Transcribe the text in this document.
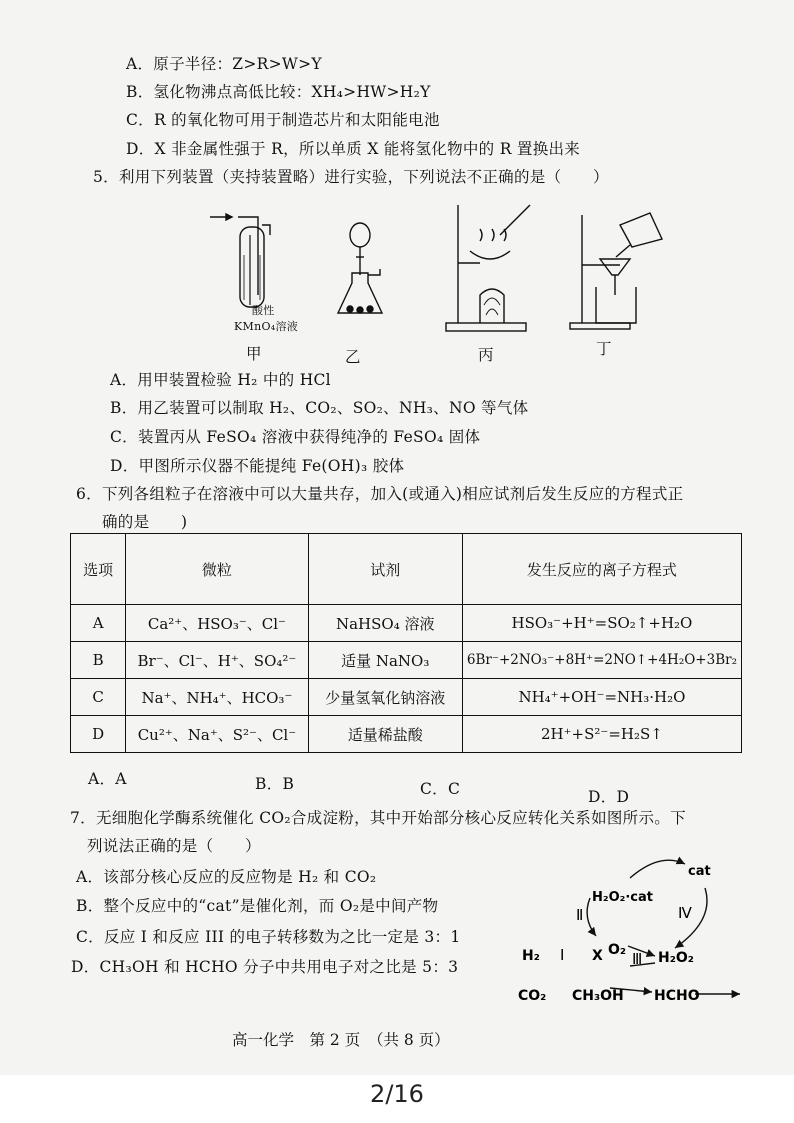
A．原子半径：Z>R>W>Y
B．氢化物沸点高低比较：XH₄>HW>H₂Y
C．R 的氧化物可用于制造芯片和太阳能电池
D．X 非金属性强于 R，所以单质 X 能将氢化物中的 R 置换出来
5．利用下列装置（夹持装置略）进行实验，下列说法不正确的是（　　）
酸性
KMnO₄溶液
甲	乙	丙	丁
A．用甲装置检验 H₂ 中的 HCl
B．用乙装置可以制取 H₂、CO₂、SO₂、NH₃、NO 等气体
C．装置丙从 FeSO₄ 溶液中获得纯净的 FeSO₄ 固体
D．甲图所示仪器不能提纯 Fe(OH)₃ 胶体
6．下列各组粒子在溶液中可以大量共存，加入(或通入)相应试剂后发生反应的方程式正
确的是　　)
选项	微粒	试剂	发生反应的离子方程式
A	Ca²⁺、HSO₃⁻、Cl⁻	NaHSO₄ 溶液	HSO₃⁻+H⁺=SO₂↑+H₂O
B	Br⁻、Cl⁻、H⁺、SO₄²⁻	适量 NaNO₃	6Br⁻+2NO₃⁻+8H⁺=2NO↑+4H₂O+3Br₂
C	Na⁺、NH₄⁺、HCO₃⁻	少量氢氧化钠溶液	NH₄⁺+OH⁻=NH₃·H₂O
D	Cu²⁺、Na⁺、S²⁻、Cl⁻	适量稀盐酸	2H⁺+S²⁻=H₂S↑
A．A	B．B	C．C	D．D
7．无细胞化学酶系统催化 CO₂合成淀粉，其中开始部分核心反应转化关系如图所示。下
列说法正确的是（　　）
A．该部分核心反应的反应物是 H₂ 和 CO₂
B．整个反应中的“cat”是催化剂，而 O₂是中间产物
C．反应 I 和反应 III 的电子转移数为之比一定是 3：1
D．CH₃OH 和 HCHO 分子中共用电子对之比是 5：3
cat
H₂O₂·cat
Ⅱ	Ⅳ
H₂ Ⅰ X O₂ Ⅲ H₂O₂
CO₂ CH₃OH HCHO
高一化学　第 2 页　（共 8 页）
2/16
